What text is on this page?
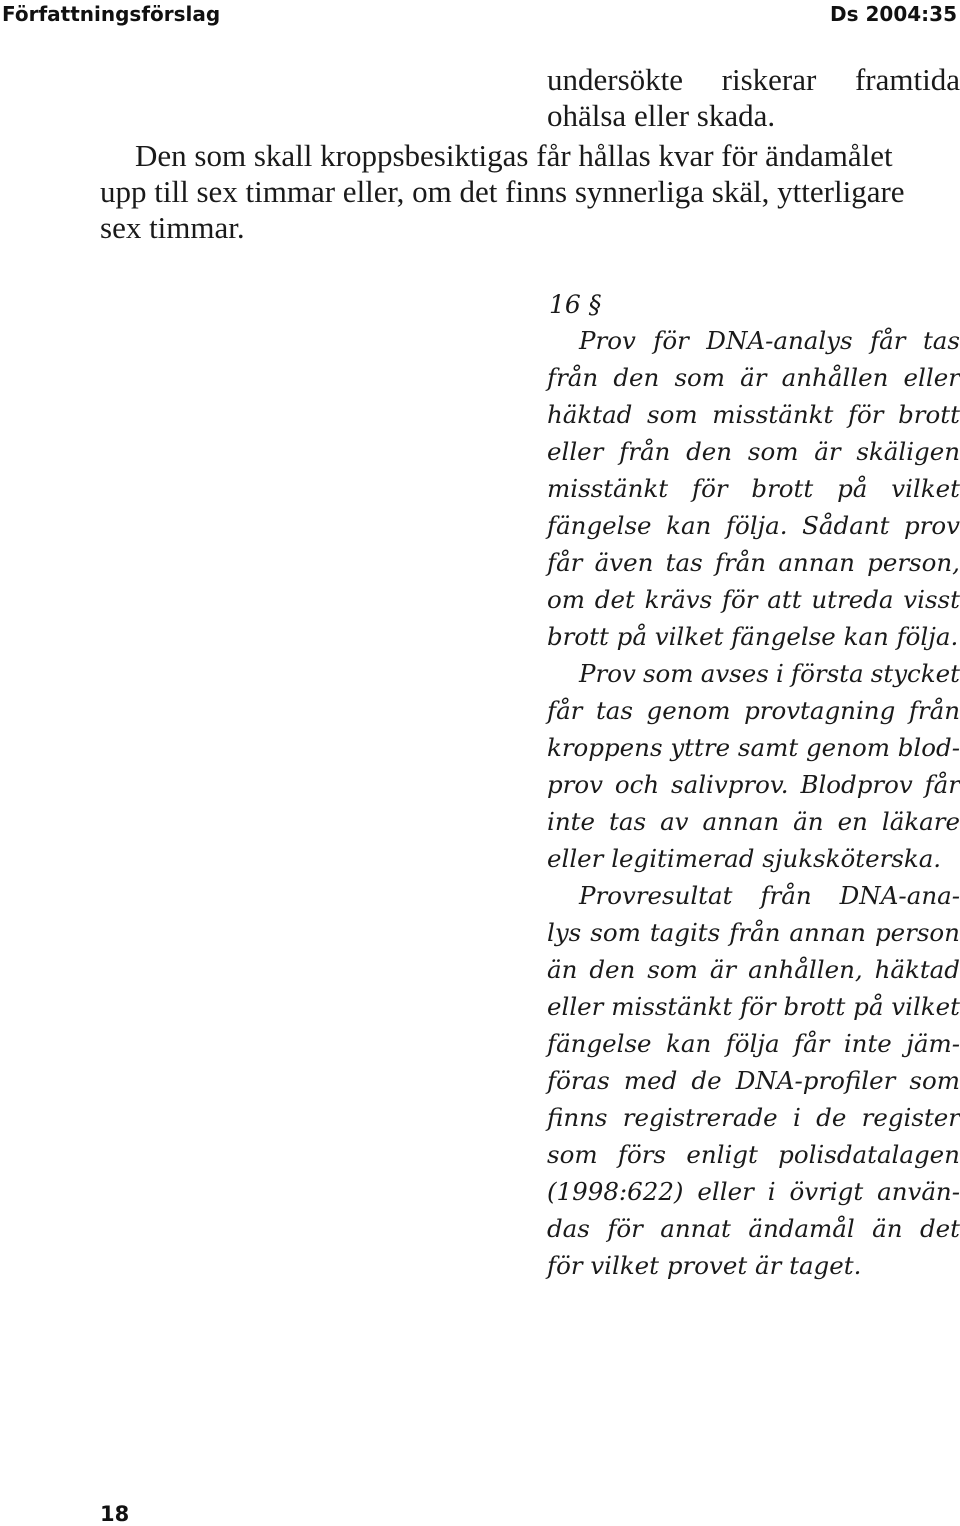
Författningsförslag	Ds 2004:35
undersökte riskerar framtida
ohälsa eller skada.
Den som skall kroppsbesiktigas får hållas kvar för ändamålet
upp till sex timmar eller, om det finns synnerliga skäl, ytterligare
sex timmar.
16 §
Prov för DNA-analys får tas
från den som är anhållen eller
häktad som misstänkt för brott
eller från den som är skäligen
misstänkt för brott på vilket
fängelse kan följa. Sådant prov
får även tas från annan person,
om det krävs för att utreda visst
brott på vilket fängelse kan följa.
Prov som avses i första stycket
får tas genom provtagning från
kroppens yttre samt genom blod-
prov och salivprov. Blodprov får
inte tas av annan än en läkare
eller legitimerad sjuksköterska.
Provresultat från DNA-ana-
lys som tagits från annan person
än den som är anhållen, häktad
eller misstänkt för brott på vilket
fängelse kan följa får inte jäm-
föras med de DNA-profiler som
finns registrerade i de register
som förs enligt polisdatalagen
(1998:622) eller i övrigt använ-
das för annat ändamål än det
för vilket provet är taget.
18
